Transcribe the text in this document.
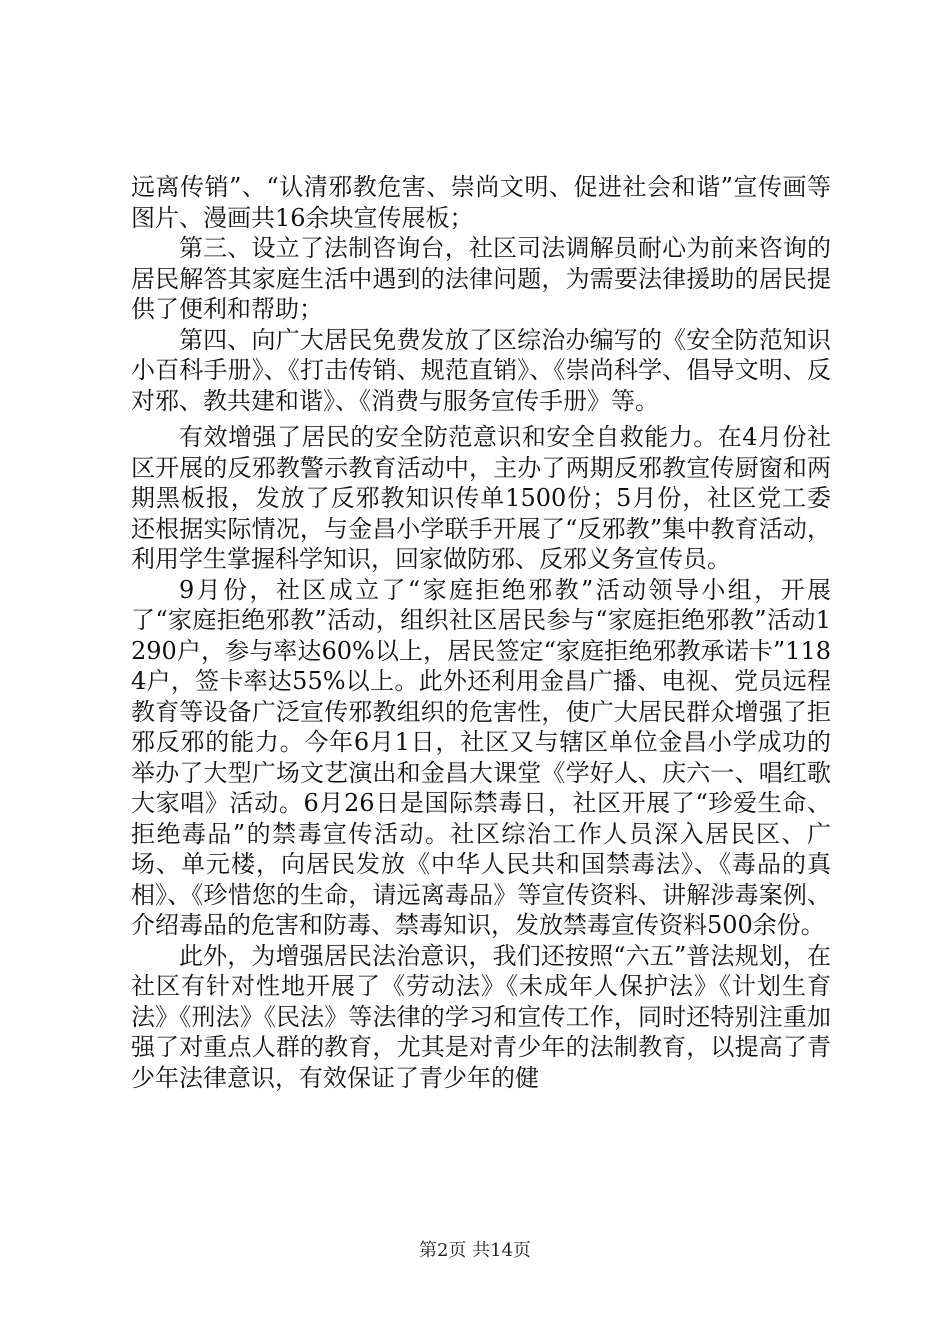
远离传销”、“认清邪教危害、崇尚文明、促进社会和谐”宣传画等图片、漫画共16余块宣传展板；

第三、设立了法制咨询台，社区司法调解员耐心为前来咨询的居民解答其家庭生活中遇到的法律问题，为需要法律援助的居民提供了便利和帮助；

第四、向广大居民免费发放了区综治办编写的《安全防范知识小百科手册》、《打击传销、规范直销》、《崇尚科学、倡导文明、反对邪、教共建和谐》、《消费与服务宣传手册》等。

有效增强了居民的安全防范意识和安全自救能力。在4月份社区开展的反邪教警示教育活动中，主办了两期反邪教宣传厨窗和两期黑板报，发放了反邪教知识传单1500份；5月份，社区党工委还根据实际情况，与金昌小学联手开展了“反邪教”集中教育活动，利用学生掌握科学知识，回家做防邪、反邪义务宣传员。

9月份，社区成立了“家庭拒绝邪教”活动领导小组，开展了“家庭拒绝邪教”活动，组织社区居民参与“家庭拒绝邪教”活动1290户，参与率达60%以上，居民签定“家庭拒绝邪教承诺卡”1184户，签卡率达55%以上。此外还利用金昌广播、电视、党员远程教育等设备广泛宣传邪教组织的危害性，使广大居民群众增强了拒邪反邪的能力。今年6月1日，社区又与辖区单位金昌小学成功的举办了大型广场文艺演出和金昌大课堂《学好人、庆六一、唱红歌大家唱》活动。6月26日是国际禁毒日，社区开展了“珍爱生命、拒绝毒品”的禁毒宣传活动。社区综治工作人员深入居民区、广场、单元楼，向居民发放《中华人民共和国禁毒法》、《毒品的真相》、《珍惜您的生命，请远离毒品》等宣传资料、讲解涉毒案例、介绍毒品的危害和防毒、禁毒知识，发放禁毒宣传资料500余份。

此外，为增强居民法治意识，我们还按照“六五”普法规划，在社区有针对性地开展了《劳动法》《未成年人保护法》《计划生育法》《刑法》《民法》等法律的学习和宣传工作，同时还特别注重加强了对重点人群的教育，尤其是对青少年的法制教育，以提高了青少年法律意识，有效保证了青少年的健

第2页 共14页
